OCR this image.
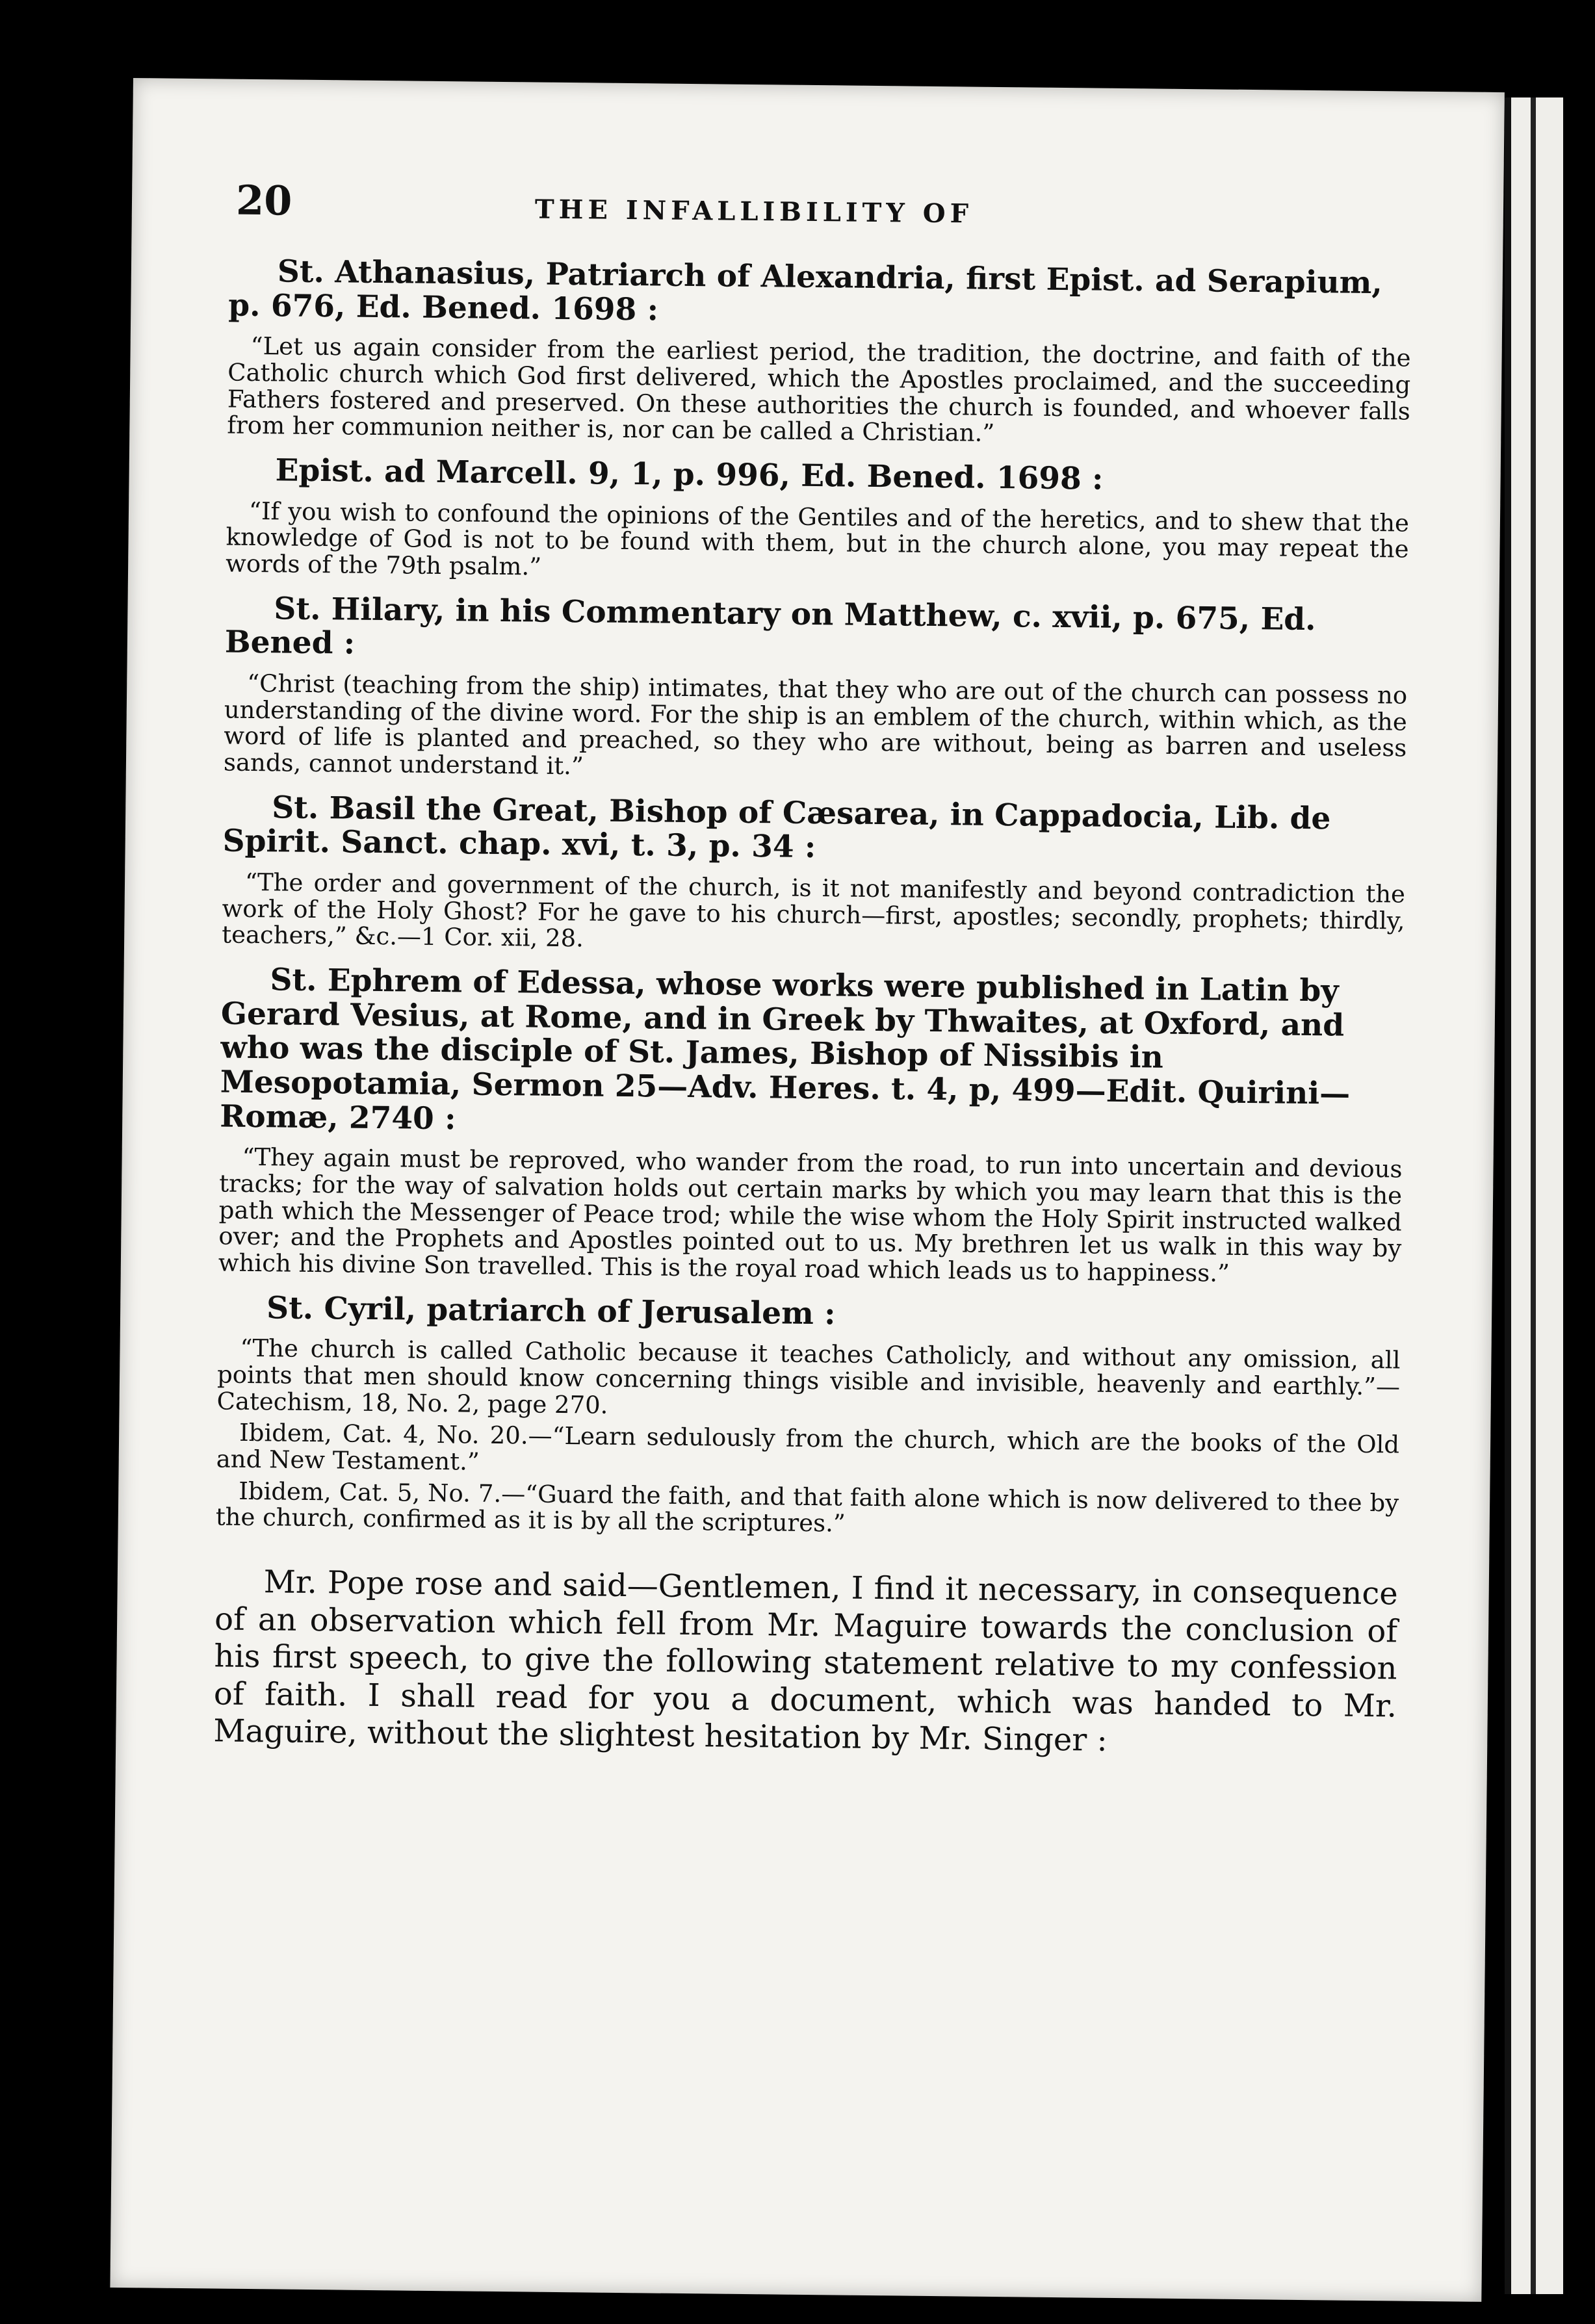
20	THE INFALLIBILITY OF

St. Athanasius, Patriarch of Alexandria, first Epist. ad Serapium, p. 676, Ed. Bened. 1698 :

“Let us again consider from the earliest period, the tradition, the doctrine, and faith of the Catholic church which God first delivered, which the Apostles proclaimed, and the succeeding Fathers fostered and preserved. On these authorities the church is founded, and whoever falls from her communion neither is, nor can be called a Christian.”

Epist. ad Marcell. 9, 1, p. 996, Ed. Bened. 1698 :

“If you wish to confound the opinions of the Gentiles and of the heretics, and to shew that the knowledge of God is not to be found with them, but in the church alone, you may repeat the words of the 79th psalm.”

St. Hilary, in his Commentary on Matthew, c. xvii, p. 675, Ed. Bened :

“Christ (teaching from the ship) intimates, that they who are out of the church can possess no understanding of the divine word. For the ship is an emblem of the church, within which, as the word of life is planted and preached, so they who are without, being as barren and useless sands, cannot understand it.”

St. Basil the Great, Bishop of Cæsarea, in Cappadocia, Lib. de Spirit. Sanct. chap. xvi, t. 3, p. 34 :

“The order and government of the church, is it not manifestly and beyond contradiction the work of the Holy Ghost? For he gave to his church—first, apostles; secondly, prophets; thirdly, teachers,” &c.—1 Cor. xii, 28.

St. Ephrem of Edessa, whose works were published in Latin by Gerard Vesius, at Rome, and in Greek by Thwaites, at Oxford, and who was the disciple of St. James, Bishop of Nissibis in Mesopotamia, Sermon 25—Adv. Heres. t. 4, p, 499—Edit. Quirini—Romæ, 2740 :

“They again must be reproved, who wander from the road, to run into uncertain and devious tracks; for the way of salvation holds out certain marks by which you may learn that this is the path which the Messenger of Peace trod; while the wise whom the Holy Spirit instructed walked over; and the Prophets and Apostles pointed out to us. My brethren let us walk in this way by which his divine Son travelled. This is the royal road which leads us to happiness.”

St. Cyril, patriarch of Jerusalem :

“The church is called Catholic because it teaches Catholicly, and without any omission, all points that men should know concerning things visible and invisible, heavenly and earthly.”—Catechism, 18, No. 2, page 270.

Ibidem, Cat. 4, No. 20.—“Learn sedulously from the church, which are the books of the Old and New Testament.”

Ibidem, Cat. 5, No. 7.—“Guard the faith, and that faith alone which is now delivered to thee by the church, confirmed as it is by all the scriptures.”

Mr. Pope rose and said—Gentlemen, I find it necessary, in consequence of an observation which fell from Mr. Maguire towards the conclusion of his first speech, to give the following statement relative to my confession of faith. I shall read for you a document, which was handed to Mr. Maguire, without the slightest hesitation by Mr. Singer :
